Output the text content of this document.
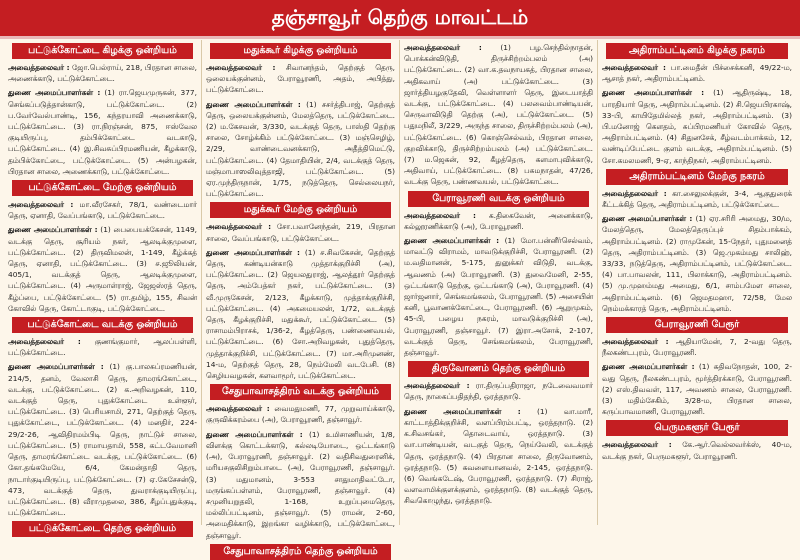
தஞ்சாவூர் தெற்கு மாவட்டம்
பட்டுக்கோட்டை கிழக்கு ஒன்றியம்
அவைத்தலைவர் : ஜோ.பெல்ராய், 218, பிரதான சாலை, அணைக்காடு, பட்டுக்கோட்டை.
துணை அமைப்பாளர்கள் : (1) ரா.ஜெயமுருகன், 377, செங்கப்படுத்தான்காடு, பட்டுக்கோட்டை. (2) ப.வேர்வேல்பாண்டி, 156, கந்தரயாவி அணைக்காடு, பட்டுக்கோட்டை. (3) ரா.நிரஞ்சன், 875, ஈஸ்வேல குடியிருப்பு, தம்பிக்கோட்டை வடகாடு, பட்டுக்கோட்டை. (4) இ.சிவசுப்பிரமணியன், கீழக்காடு, தம்பிக்கோட்டை, பட்டுக்கோட்டை. (5) அன்பழகன், பிரதான சாலை, அணைக்காடு, பட்டுக்கோட்டை.
பட்டுக்கோட்டை மேற்கு ஒன்றியம்
அவைத்தலைவர் : மா.வீரசேகர், 78/1, வண்டைமார் தெரு, ஏனாதி, வேப்பங்காடு, பட்டுக்கோட்டை.
துணை அமைப்பாளர்கள் : (1) பைபையக்கேசன், 1149, வடக்கு தெரு, சூரியம் நகர், ஆலடிக்குமுளை, பட்டுக்கோட்டை. (2) திருவிமலன், 1-149, கீழ்க்கத் தெரு, ஏனாதி, பட்டுக்கோட்டை. (3) ச.ஜூலியன், 405/1, வடக்குத் தெரு, ஆலடிக்குமுளை, பட்டுக்கோட்டை. (4) அருமாள்ராஜ், ஜேஜஸ்ரத் தெரு, கீழ்ப்பை, பட்டுக்கோட்டை. (5) ரா.தமிழ், 155, சிவன் கோவில் தெரு, கோட்டாகுடி, பட்டுக்கோட்டை.
பட்டுக்கோட்டை வடக்கு ஒன்றியம்
அவைத்தலைவர் : குணங்குமார், ஆலப்பள்ளி, பட்டுக்கோட்டை.
துணை அமைப்பாளர்கள் : (1) கு.பாலசுப்ரமணியன், 214/5, தனம், வேலாசி தெரு, தாமரங்கோட்டை, வடக்கு, பட்டுக்கோட்டை. (2) க.அறிவழகன், 110, வடக்குத் தெரு, புதுக்கோட்டை உள்ளூர், பட்டுக்கோட்டை. (3) பெரியசாமி, 271, தெற்குத் தெரு, புதுக்கோட்டை, பட்டுக்கோட்டை. (4) மனதிர், 224-29/2-26, ஆவிதிரமம்பிடி தெரு, நாட்டுச் சாலை, பட்டுக்கோட்டை. (5) ராமாயதாமி, 558, கட்டவேமானி தெரு, தாமரங்கோட்டை வடக்கு, பட்டுக்கோட்டை. (6) கோ.தங்கமேயே, 6/4, கேமன்தாதி தெரு, நாடார்குடியிருப்பு, பட்டுக்கோட்டை. (7) ஏ.கேசேசன்டு, 473, வடக்குத் தெரு, துவராக்குடியிருப்பு, பட்டுக்கோட்டை. (8) வீராமுதலை, 386, சீழப்புதுக்குடி, பட்டுக்கோட்டை.
பட்டுக்கோட்டை தெற்கு ஒன்றியம்
மதுக்கூர் கிழக்கு ஒன்றியம்
அவைத்தலைவர் : சிவானந்தம், தெற்குத் தெரு, ஒலையக்குன்னம், பேராவூரணி, அதம், அபித்து, பட்டுக்கோட்டை.
துணை அமைப்பாளர்கள் : (1) சசர்த்திபாஜ், தெற்குத் தெரு, ஒலையக்குன்னம், மேலத்தெரு, பட்டுக்கோட்டை. (2) ம.கேசவன், 3/330, வடக்குத் தெரு, பாஸ்தி தெற்கு சாலை, சோழ்க்கிம் பட்டுக்கோட்டை. (3) மஞ்செழிழ், 2/29, வாண்டைவனக்காடு, அதீத்திமெட்டு, பட்டுக்கோட்டை. (4) தேமாதியின், 2/4, வடக்குத் தெரு, மஞ்மாபாஸலிவுத்தாஜி, பட்டுக்கோட்டை. (5) ஏர.முந்திருநான், 1/75, நடுத்தெரு, செல்லையநர், பட்டுக்கோட்டை.
மதுக்கூர் மேற்கு ஒன்றியம்
அவைத்தலைவர் : சோ.பவானேந்தன், 219, பிரதான சாலை, வேப்பங்காடு, பட்டுக்கோட்டை.
துணை அமைப்பாளர்கள் : (1) ச.சிவகேசன், தெற்குத் தெரு, கண்டியன்காடு முத்தாக்குறிச்சி (அ), பட்டுக்கோட்டை. (2) ஜெயலதுராஜ், ஆலத்தூர் தெற்குத் தெரு, அம்பேத்கர் நகர், பட்டுக்கோட்டை. (3) வீ.முருகேசன், 2/123, கீழக்காடு, முத்தாக்குறிச்சி, பட்டுக்கோட்டை. (4) அகமையலன், 1/72, வடக்குத் தெரு, கீழக்குறிச்சி, மதுக்கூர், பட்டுக்கோட்டை. (5) ராசாமம்பிராசக், 1/36-2, கீழத்தெரு, பண்ணைவயல், பட்டுக்கோட்டை. (6) சோ.அறிவழகன், புதுத்தெரு, முத்தாக்குறிச்சி, பட்டுக்கோட்டை. (7) மா.அரிமுனண், 14-ம, தெற்குத் தெரு, 28, நெம்மேலி வடபேசி. (8) செழியவழகன், களவாமூர், பட்டுக்கோட்டை.
சேதுபாவாசத்திரம் வடக்கு ஒன்றியம்
அவைத்தலைவர் : வைமதுமணி, 77, முறுவாய்க்காடு, குருவிக்கரம்பை (அ), பேராவூரணி, தஞ்சாவூர்.
துணை அமைப்பாளர்கள் : (1) உமிசாணியன், 1/8, விளக்கு கொட்டக்காடு, கல்லடியோடை, ஒட்டங்காடு (அ), பேராவூரணி, தஞ்சாவூர். (2) வதிசிவதுரைனிக், மரியசகுலிசிறும்பாடை (அ), பேராவூரணி, தஞ்சாவூர். (3) மதுமானம், 3-553 சாதுமாதிவட்டோ, மருங்கப்பள்ளம், பேராவூரணி, தஞ்சாவூர். (4) சமுனியறுதலி, 1-168, உறுப்புமைதெரு, மல்லிப்பட்டினம், தஞ்சாவூர். (5) ராமன், 2-60, அமைதிக்காடு, இறங்கா வழிக்காடு, பட்டுக்கோட்டை, தஞ்சாவூர்.
சேதுபாவாசத்திரம் தெற்கு ஒன்றியம்
அவைத்தலைவர் : (1) பழ.செந்தில்நாதன், பொக்கன்விடுதி, திருச்சிற்றம்பலம் (அ) பட்டுக்கோட்டை. (2) வா.க.தவநாயகத், பிரதான சாலை, அதிகவாய் (அ) பட்டுக்கோட்டை. (3) ஜார்த்தியழகுதேவி, வெள்ளாளர் தெரு, இடையாத்தி வடக்கு, பட்டுக்கோட்டை. (4) பலவைம்பாண்டியன், செருவாவிடுதி தெற்கு (அ), பட்டுக்கோட்டை. (5) பதுமநிலீ, 3/229, அருந்த சாலை, திருச்சிற்றம்பலம் (அ), பட்டுக்கோட்டை. (6) கொஞ்செல்வம், பிரதான சாலை, குறவிக்காடு, திருச்சிற்றம்பலம் (அ) பட்டுக்கோட்டை. (7) ம.ஜெகன், 92, கீழத்தெரு, களமாபுவிக்காடு, அதிவாய், பட்டுக்கோட்டை. (8) பசுமநாதன், 47/26, வடக்கு தெரு, பண்ணவயல், பட்டுக்கோட்டை.
பேராவூரணி வடக்கு ஒன்றியம்
அவைத்தலைவர் : க.திகைவேன், அனைக்காடு, கல்லூரணிக்காடு (அ), பேராவூரணி.
துணை அமைப்பாளர்கள் : (1) மோ.பன்னீர்செல்வம், மாவட்டு விராமம், மாவடுக்குறிச்சி, பேராவூரணி. (2) ம.வதிமானன், 5-175, துனுக்கர் விடுதி, வடக்கு, ஆவணம் (அ) பேராவூரணி. (3) துவைமேனி, 2-55, ஒட்டங்காடு தெற்கு, ஒட்டங்காடு (அ), பேராவூரணி. (4) ஜார்ஜனார், செங்கமங்கலம், பேராவூரணி. (5) அசையின் கனி, பூவாணக்கோட்டை, பேராவூரணி. (6) ஆறுமுகம், 45-பி, பழைய நகரம், மாவடுக்குறிச்சி (அ), பேராவூரணி, தஞ்சாவூர். (7) இரா.அசோக், 2-107, வடக்குத் தெரு, செங்கமங்கலம், பேராவூரணி, தஞ்சாவூர்.
திருவோணம் தெற்கு ஒன்றியம்
அவைத்தலைவர் : ரா.திருப்பதிராஜா, நடேவைவமார் தெரு, நாகைப்பதிதந்தி, ஒரத்தநாடு.
துணை அமைப்பாளர்கள் : (1) வா.மாரீ, காட்டாத்திக்குறிச்சி, வளப்பிரம்பட்டி, ஒரத்தநாடு. (2) க.சிவசங்கர், தொடைவாய், ஒரத்தநாடு. (3) வா.பாண்டியன், வடகுத் தெரு, நெய்வேலி, வடக்குத் தெரு, ஒரத்தநாடு. (4) பிரதான சாலை, திருவோணம், ஒரத்தநாடு. (5) கவளையானவல், 2-145, ஒரத்தநாடு. (6) வெங்கடேஷ், பேராவூரணி, ஒரத்தநாடு. (7) சிராஜ், வளவாமிக்குளக்குளம், ஒரத்தநாடு. (8) வடக்குத் தெரு, சிவகொழுந்து, ஒரத்தநாடு.
அதிராம்பட்டினம் கிழக்கு நகரம்
அவைத்தலைவர் : பா.மைதீன் பிச்சைக்கனி, 49/22-ம, ஆசாத் நகர், அதிராம்பட்டினம்.
துணை அமைப்பாளர்கள் : (1) ஆதிருஷ்டி, 18, பாரதியார் தெரு, அதிராம்பட்டினம். (2) சி.ஜெயபிரகாஷ், 33-பி, காயிதேமில்லத் நகர், அதிராம்பட்டினம். (3) பி.மனோஜ் கௌதம், சுப்பிரமணியர் கோவில் தெரு, அதிராம்பட்டினம். (4) சிதுனசேக், சீழ்வடம்பாக்கம், 12, வண்டிப்பேட்டை குளம் வடக்கு, அதிராம்பட்டினம். (5) சோ.கமலமணி, 9-ஏ, காந்திநகர், அதிராம்பட்டினம்.
அதிராம்பட்டினம் மேற்கு நகரம்
அவைத்தலைவர் : கா.சைலுலக்குன், 3-4, ஆகுதுரைக் கீட்டக்கித் தெரு, அதிராம்பட்டினம், பட்டுக்கோட்டை.
துணை அமைப்பாளர்கள் : (1) ஏர.சரிரி அமைது, 30/ம, மேலத்தெரு, மேலத்தெருப்புச் சிதம்பாக்கம், அதிராம்பட்டினம். (2) ராமுகேன், 15-நேதர், புதுமனைத் தெரு, அதிராம்பட்டினம். (3) ஜெ.முகம்மது சாலிஹ், 33/33, நடுத்தெரு, அதிராம்பட்டினம், பட்டுக்கோட்டை. (4) பா.பாவலன், 111, பிலாக்காடு, அதிராம்பட்டினம். (5) மு.முஹம்மது அமைது, 6/1, சாம்பமேள சாலை, அதிராம்பட்டினம். (6) ஜெமதமஹா, 72/58, மேல நெம்மக்காரத் தெரு, அதிராம்பட்டினம்.
பேராவூரணி பேரூர்
அவைத்தலைவர் : ஆதியாமேன், 7, 2-வது தெரு, நீலகண்டபுரம், பேராவூரணி.
துணை அமைப்பாளர்கள் : (1) சுதிவநோதன், 100, 2-வது தெரு, நீலகண்டபுரம், மூர்த்திரக்காடு, பேராவூரணி. (2) எஸ்.திவவள், 117, அவணம் சாலை, பேராவூரணி. (3) மதிம்சேகிம், 3/28-ம, பிரதான சாலை, கருப்பாவமாணி, பேராவூரணி.
பெருமகளூர் பேரூர்
அவைத்தலைவர் : கே.ஆர்.வெல்லவர்க்ஸ், 40-ம, வடக்கு நகர், பெருமகளூர், பேராவூரணி.
